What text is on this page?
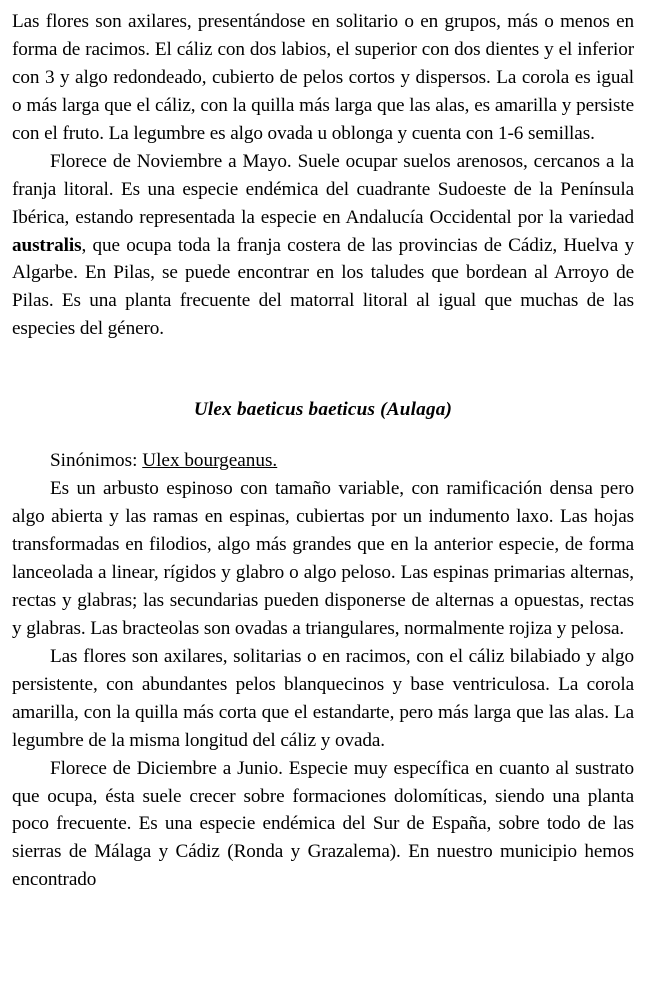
Las flores son axilares, presentándose en solitario o en grupos, más o menos en forma de racimos. El cáliz con dos labios, el superior con dos dientes y el inferior con 3 y algo redondeado, cubierto de pelos cortos y dispersos. La corola es igual o más larga que el cáliz, con la quilla más larga que las alas, es amarilla y persiste con el fruto. La legumbre es algo ovada u oblonga y cuenta con 1-6 semillas.

Florece de Noviembre a Mayo. Suele ocupar suelos arenosos, cercanos a la franja litoral. Es una especie endémica del cuadrante Sudoeste de la Península Ibérica, estando representada la especie en Andalucía Occidental por la variedad australis, que ocupa toda la franja costera de las provincias de Cádiz, Huelva y Algarbe. En Pilas, se puede encontrar en los taludes que bordean al Arroyo de Pilas. Es una planta frecuente del matorral litoral al igual que muchas de las especies del género.

Ulex baeticus baeticus (Aulaga)
Sinónimos: Ulex bourgeanus.

Es un arbusto espinoso con tamaño variable, con ramificación densa pero algo abierta y las ramas en espinas, cubiertas por un indumento laxo. Las hojas transformadas en filodios, algo más grandes que en la anterior especie, de forma lanceolada a linear, rígidos y glabro o algo peloso. Las espinas primarias alternas, rectas y glabras; las secundarias pueden disponerse de alternas a opuestas, rectas y glabras. Las bracteolas son ovadas a triangulares, normalmente rojiza y pelosa.

Las flores son axilares, solitarias o en racimos, con el cáliz bilabiado y algo persistente, con abundantes pelos blanquecinos y base ventriculosa. La corola amarilla, con la quilla más corta que el estandarte, pero más larga que las alas. La legumbre de la misma longitud del cáliz y ovada.

Florece de Diciembre a Junio. Especie muy específica en cuanto al sustrato que ocupa, ésta suele crecer sobre formaciones dolomíticas, siendo una planta poco frecuente. Es una especie endémica del Sur de España, sobre todo de las sierras de Málaga y Cádiz (Ronda y Grazalema). En nuestro municipio hemos encontrado
